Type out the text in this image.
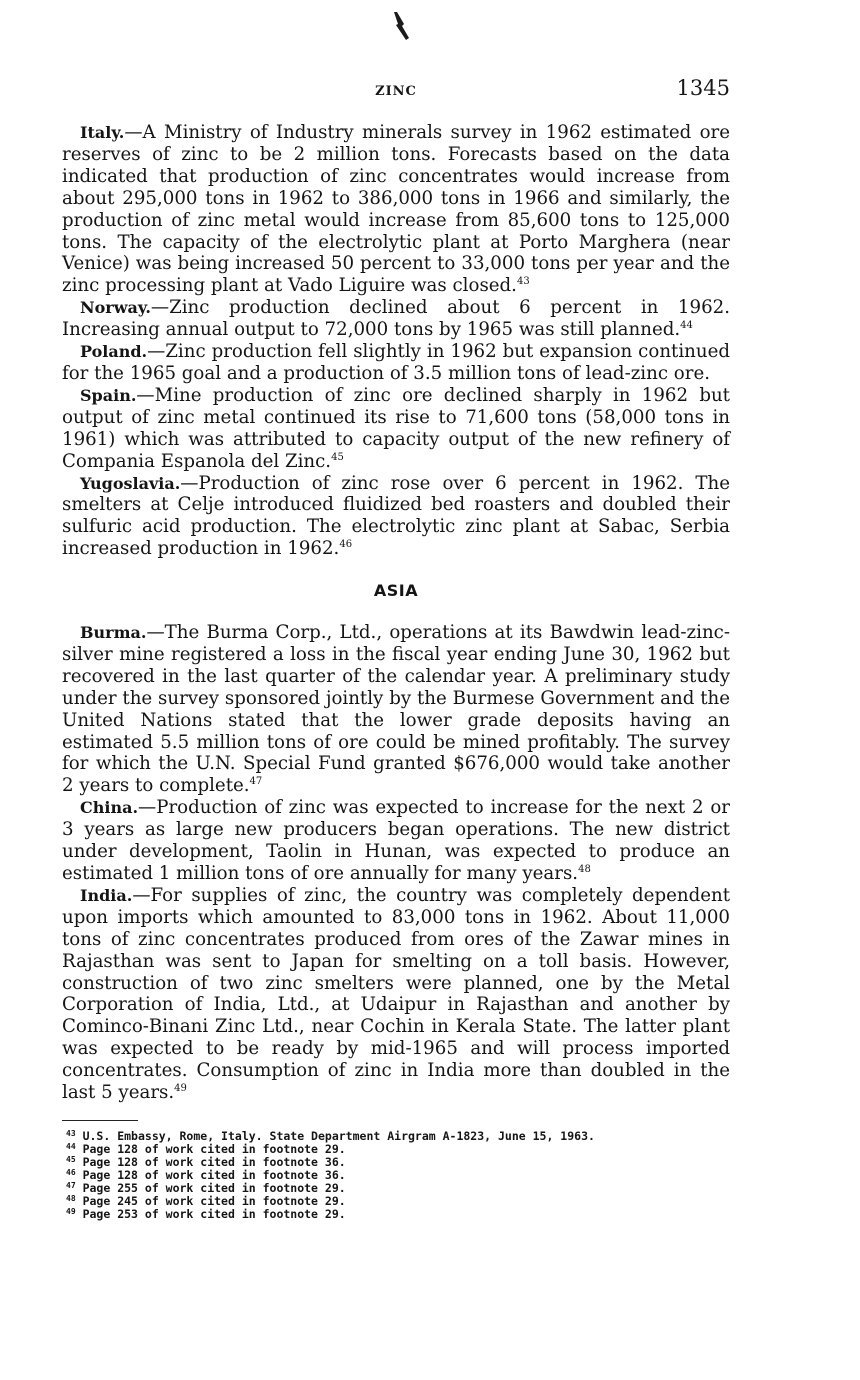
ZINC	1345

Italy.—A Ministry of Industry minerals survey in 1962 estimated ore reserves of zinc to be 2 million tons. Forecasts based on the data indicated that production of zinc concentrates would increase from about 295,000 tons in 1962 to 386,000 tons in 1966 and similarly, the production of zinc metal would increase from 85,600 tons to 125,000 tons. The capacity of the electrolytic plant at Porto Marghera (near Venice) was being increased 50 percent to 33,000 tons per year and the zinc processing plant at Vado Liguire was closed.$^{43}$

Norway.—Zinc production declined about 6 percent in 1962. Increasing annual output to 72,000 tons by 1965 was still planned.$^{44}$

Poland.—Zinc production fell slightly in 1962 but expansion continued for the 1965 goal and a production of 3.5 million tons of lead-zinc ore.

Spain.—Mine production of zinc ore declined sharply in 1962 but output of zinc metal continued its rise to 71,600 tons (58,000 tons in 1961) which was attributed to capacity output of the new refinery of Compania Espanola del Zinc.$^{45}$

Yugoslavia.—Production of zinc rose over 6 percent in 1962. The smelters at Celje introduced fluidized bed roasters and doubled their sulfuric acid production. The electrolytic zinc plant at Sabac, Serbia increased production in 1962.46

ASIA

Burma.—The Burma Corp., Ltd., operations at its Bawdwin lead-zinc-silver mine registered a loss in the fiscal year ending June 30, 1962 but recovered in the last quarter of the calendar year. A preliminary study under the survey sponsored jointly by the Burmese Government and the United Nations stated that the lower grade deposits having an estimated 5.5 million tons of ore could be mined profitably. The survey for which the U.N. Special Fund granted $676,000 would take another 2 years to complete.$^{47}$

China.—Production of zinc was expected to increase for the next 2 or 3 years as large new producers began operations. The new district under development, Taolin in Hunan, was expected to produce an estimated 1 million tons of ore annually for many years.$^{48}$

India.—For supplies of zinc, the country was completely dependent upon imports which amounted to 83,000 tons in 1962. About 11,000 tons of zinc concentrates produced from ores of the Zawar mines in Rajasthan was sent to Japan for smelting on a toll basis. However, construction of two zinc smelters were planned, one by the Metal Corporation of India, Ltd., at Udaipur in Rajasthan and another by Cominco-Binani Zinc Ltd., near Cochin in Kerala State. The latter plant was expected to be ready by mid-1965 and will process imported concentrates. Consumption of zinc in India more than doubled in the last 5 years.$^{49}$

$^{43}$ U.S. Embassy, Rome, Italy. State Department Airgram A-1823, June 15, 1963.
$^{44}$ Page 128 of work cited in footnote 29.
$^{45}$ Page 128 of work cited in footnote 36.
$^{46}$ Page 128 of work cited in footnote 36.
$^{47}$ Page 255 of work cited in footnote 29.
$^{48}$ Page 245 of work cited in footnote 29.
$^{49}$ Page 253 of work cited in footnote 29.
